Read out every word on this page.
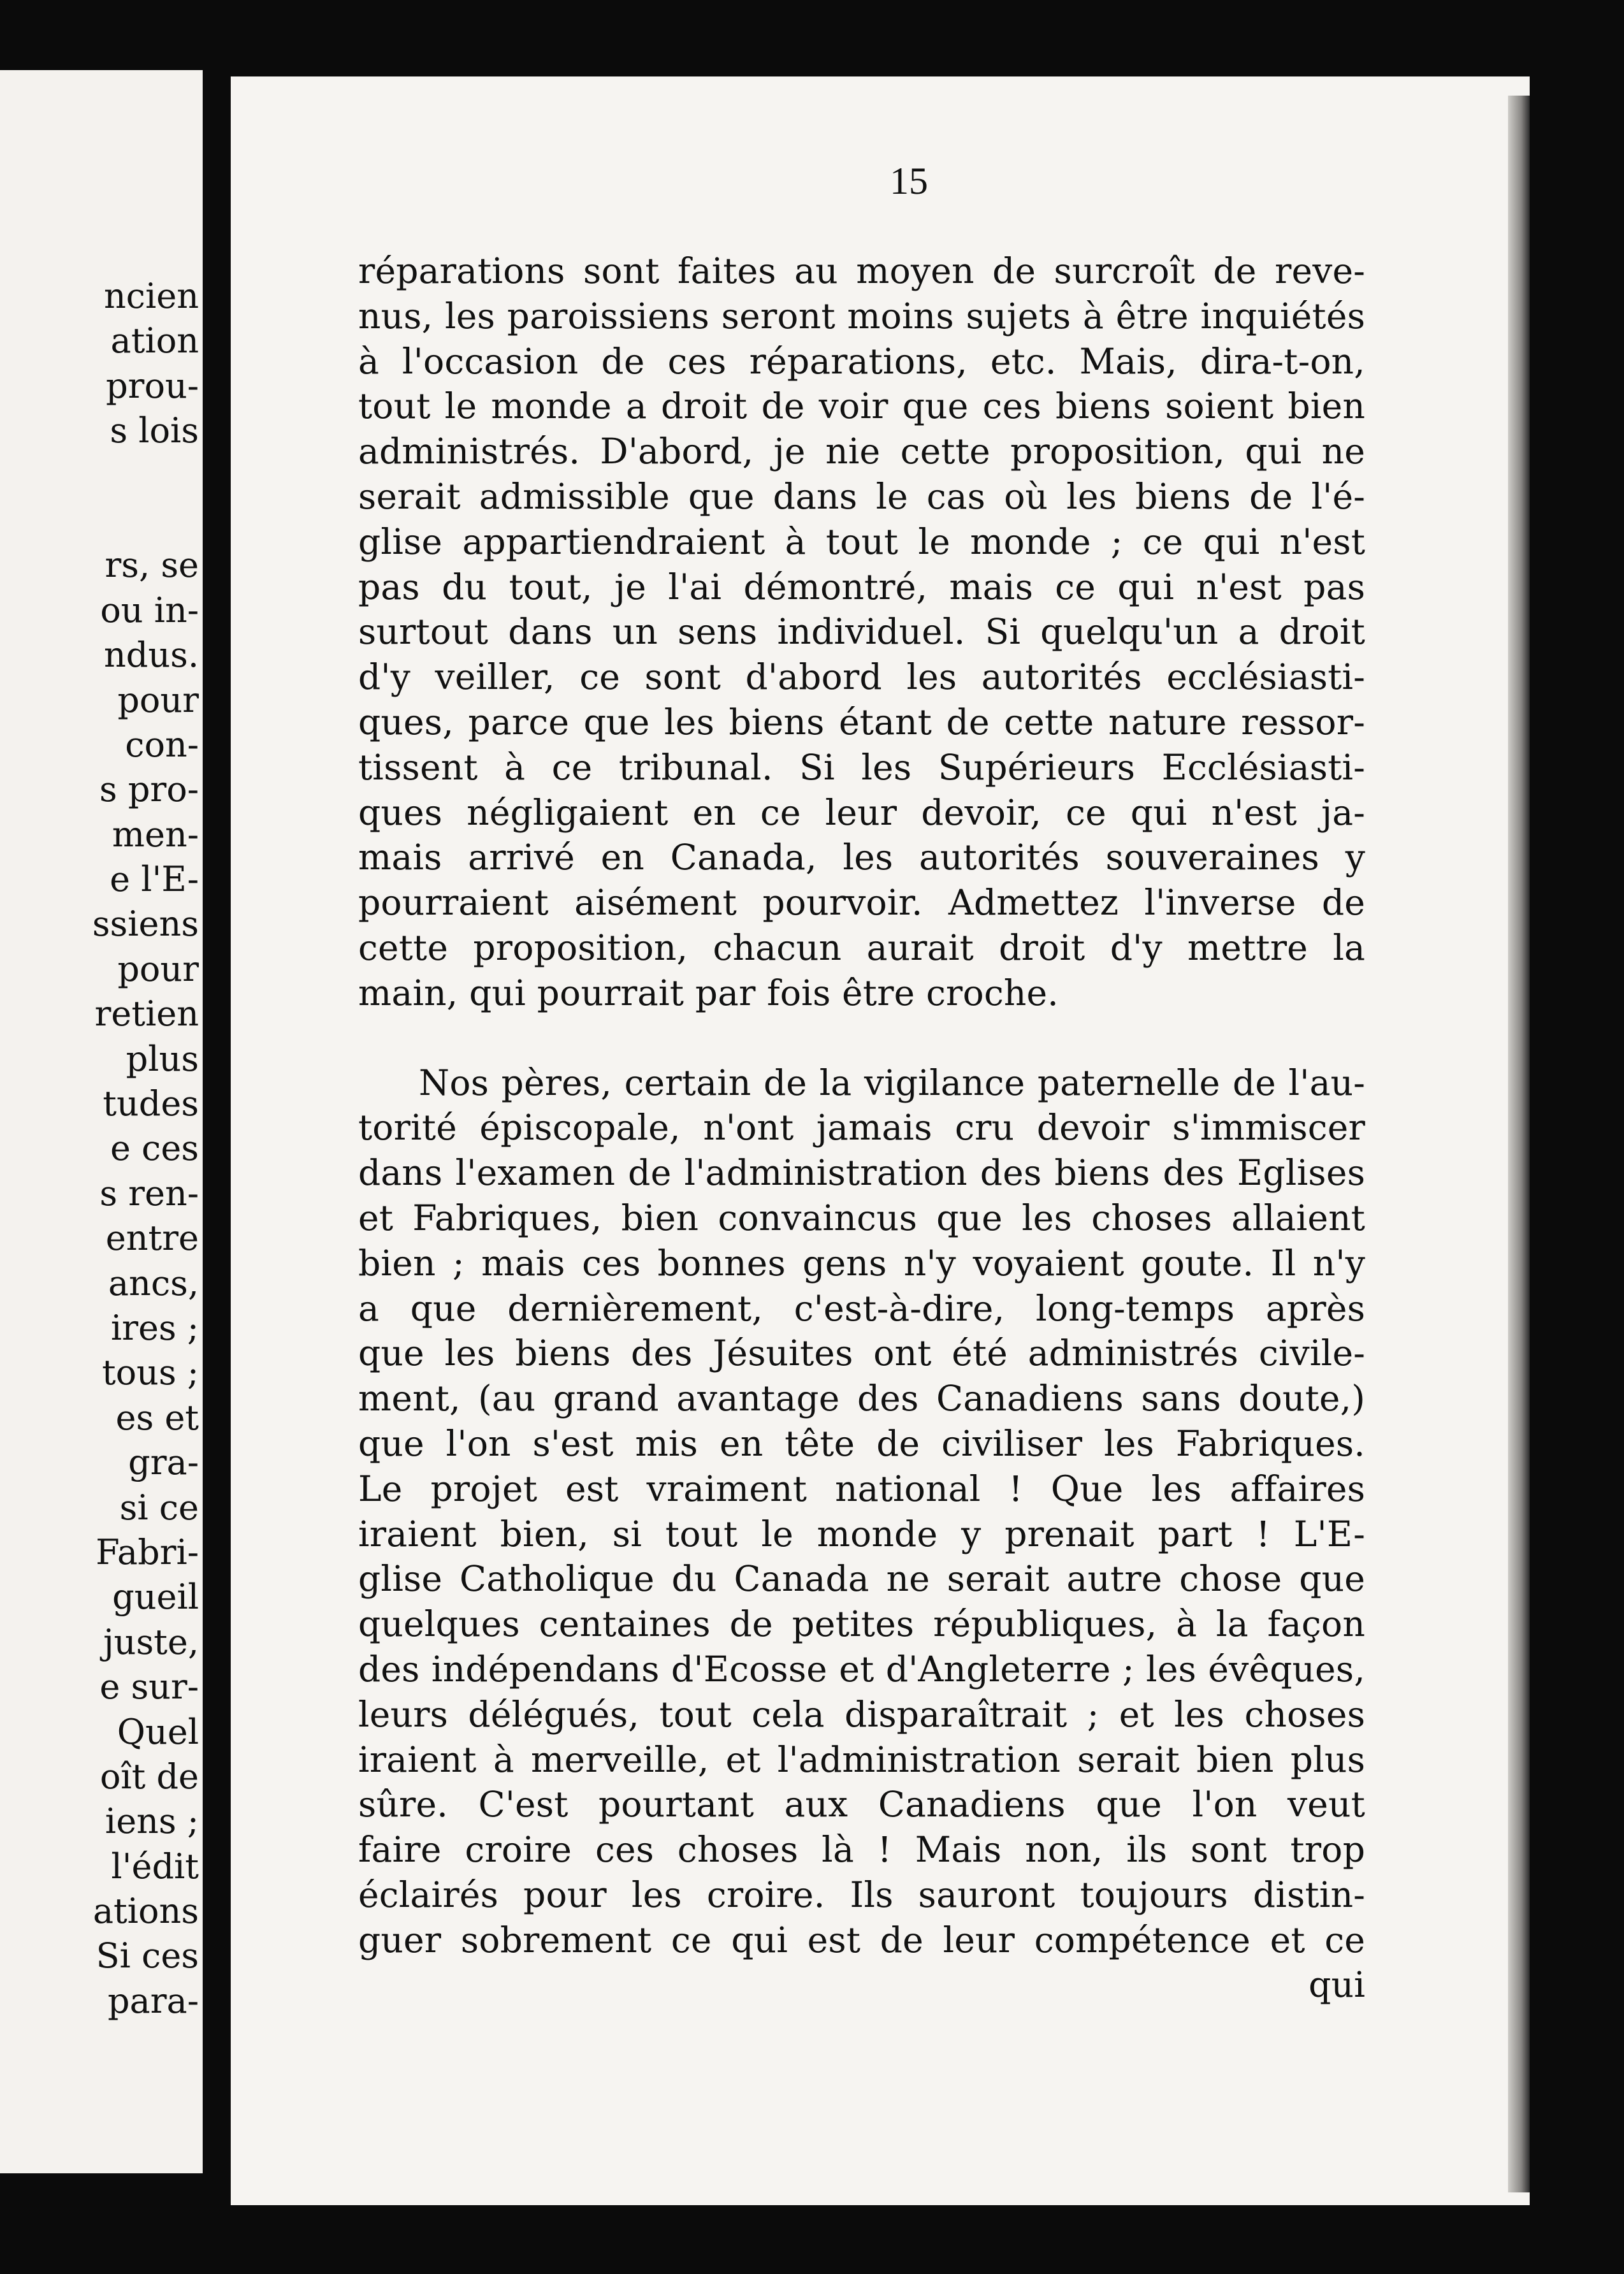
ncien
ation
prou-
s lois
rs, se
ou in-
ndus.
pour
con-
s pro-
men-
e l'E-
ssiens
pour
retien
plus
tudes
e ces
s ren-
entre
ancs,
ires ;
tous ;
es et
gra-
si ce
Fabri-
gueil
juste,
e sur-
Quel
oît de
iens ;
l'édit
ations
Si ces
para-
15
réparations sont faites au moyen de surcroît de reve-
nus, les paroissiens seront moins sujets à être inquiétés
à l'occasion de ces réparations, etc. Mais, dira-t-on,
tout le monde a droit de voir que ces biens soient bien
administrés. D'abord, je nie cette proposition, qui ne
serait admissible que dans le cas où les biens de l'é-
glise appartiendraient à tout le monde ; ce qui n'est
pas du tout, je l'ai démontré, mais ce qui n'est pas
surtout dans un sens individuel. Si quelqu'un a droit
d'y veiller, ce sont d'abord les autorités ecclésiasti-
ques, parce que les biens étant de cette nature ressor-
tissent à ce tribunal. Si les Supérieurs Ecclésiasti-
ques négligaient en ce leur devoir, ce qui n'est ja-
mais arrivé en Canada, les autorités souveraines y
pourraient aisément pourvoir. Admettez l'inverse de
cette proposition, chacun aurait droit d'y mettre la
main, qui pourrait par fois être croche.
Nos pères, certain de la vigilance paternelle de l'au-
torité épiscopale, n'ont jamais cru devoir s'immiscer
dans l'examen de l'administration des biens des Eglises
et Fabriques, bien convaincus que les choses allaient
bien ; mais ces bonnes gens n'y voyaient goute. Il n'y
a que dernièrement, c'est-à-dire, long-temps après
que les biens des Jésuites ont été administrés civile-
ment, (au grand avantage des Canadiens sans doute,)
que l'on s'est mis en tête de civiliser les Fabriques.
Le projet est vraiment national ! Que les affaires
iraient bien, si tout le monde y prenait part ! L'E-
glise Catholique du Canada ne serait autre chose que
quelques centaines de petites républiques, à la façon
des indépendans d'Ecosse et d'Angleterre ; les évêques,
leurs délégués, tout cela disparaîtrait ; et les choses
iraient à merveille, et l'administration serait bien plus
sûre. C'est pourtant aux Canadiens que l'on veut
faire croire ces choses là ! Mais non, ils sont trop
éclairés pour les croire. Ils sauront toujours distin-
guer sobrement ce qui est de leur compétence et ce
qui
